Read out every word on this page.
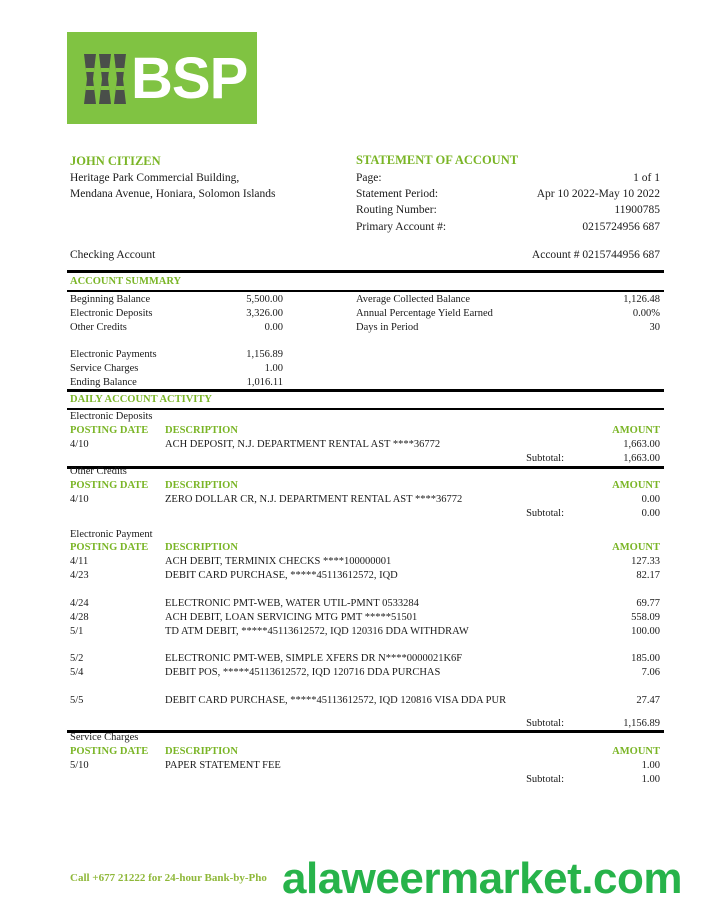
BSP
JOHN CITIZEN
Heritage Park Commercial Building,
Mendana Avenue, Honiara, Solomon Islands
Checking Account
STATEMENT OF ACCOUNT
Page:	1 of 1
Statement Period:	Apr 10 2022-May 10 2022
Routing Number:	11900785
Primary Account #:	0215724956 687
Account # 0215744956 687
ACCOUNT SUMMARY
Beginning Balance	5,500.00
Electronic Deposits	3,326.00
Other Credits	0.00
Electronic Payments	1,156.89
Service Charges	1.00
Ending Balance	1,016.11
Average Collected Balance	1,126.48
Annual Percentage Yield Earned	0.00%
Days in Period	30
DAILY ACCOUNT ACTIVITY
Electronic Deposits
POSTING DATE DESCRIPTION	AMOUNT
4/10	ACH DEPOSIT, N.J. DEPARTMENT RENTAL AST ****36772	1,663.00
Subtotal:	1,663.00
Other Credits
POSTING DATE DESCRIPTION	AMOUNT
4/10	ZERO DOLLAR CR, N.J. DEPARTMENT RENTAL AST ****36772	0.00
Subtotal:	0.00
Electronic Payment
POSTING DATE DESCRIPTION	AMOUNT
4/11	ACH DEBIT, TERMINIX CHECKS ****100000001	127.33
4/23	DEBIT CARD PURCHASE, *****45113612572, IQD	82.17
4/24	ELECTRONIC PMT-WEB, WATER UTIL-PMNT 0533284	69.77
4/28	ACH DEBIT, LOAN SERVICING MTG PMT *****51501	558.09
5/1	TD ATM DEBIT, *****45113612572, IQD 120316 DDA WITHDRAW	100.00
5/2	ELECTRONIC PMT-WEB, SIMPLE XFERS DR N****0000021K6F	185.00
5/4	DEBIT POS, *****45113612572, IQD 120716 DDA PURCHAS	7.06
5/5	DEBIT CARD PURCHASE, *****45113612572, IQD 120816 VISA DDA PUR	27.47
Subtotal:	1,156.89
Service Charges
POSTING DATE DESCRIPTION	AMOUNT
5/10	PAPER STATEMENT FEE	1.00
Subtotal:	1.00
Call +677 21222 for 24-hour Bank-by-Pho alaweermarket.com
